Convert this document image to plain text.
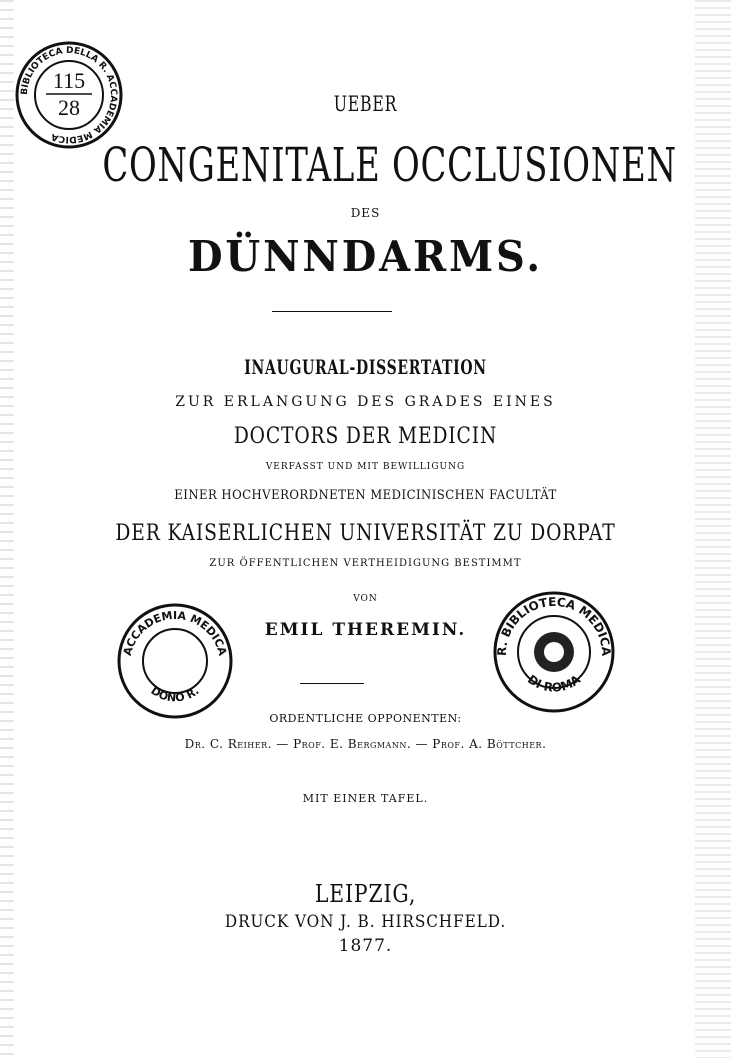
BIBLIOTECA DELLA R. ACCADEMIA MEDICA
115
28	UEBER
CONGENITALE OCCLUSIONEN
DES
DÜNNDARMS.
INAUGURAL-DISSERTATION
ZUR ERLANGUNG DES GRADES EINES
DOCTORS DER MEDICIN
VERFASST UND MIT BEWILLIGUNG
EINER HOCHVERORDNETEN MEDICINISCHEN FACULTÄT
DER KAISERLICHEN UNIVERSITÄT ZU DORPAT
ZUR ÖFFENTLICHEN VERTHEIDIGUNG BESTIMMT
VON
EMIL THEREMIN.
ACCADEMIA MEDICA
DONO R.
R. BIBLIOTECA MEDICA
DI ROMA
ORDENTLICHE OPPONENTEN:
Dr. C. Reiher. — Prof. E. Bergmann. — Prof. A. Böttcher.
MIT EINER TAFEL.
LEIPZIG,
DRUCK VON J. B. HIRSCHFELD.
1877.
